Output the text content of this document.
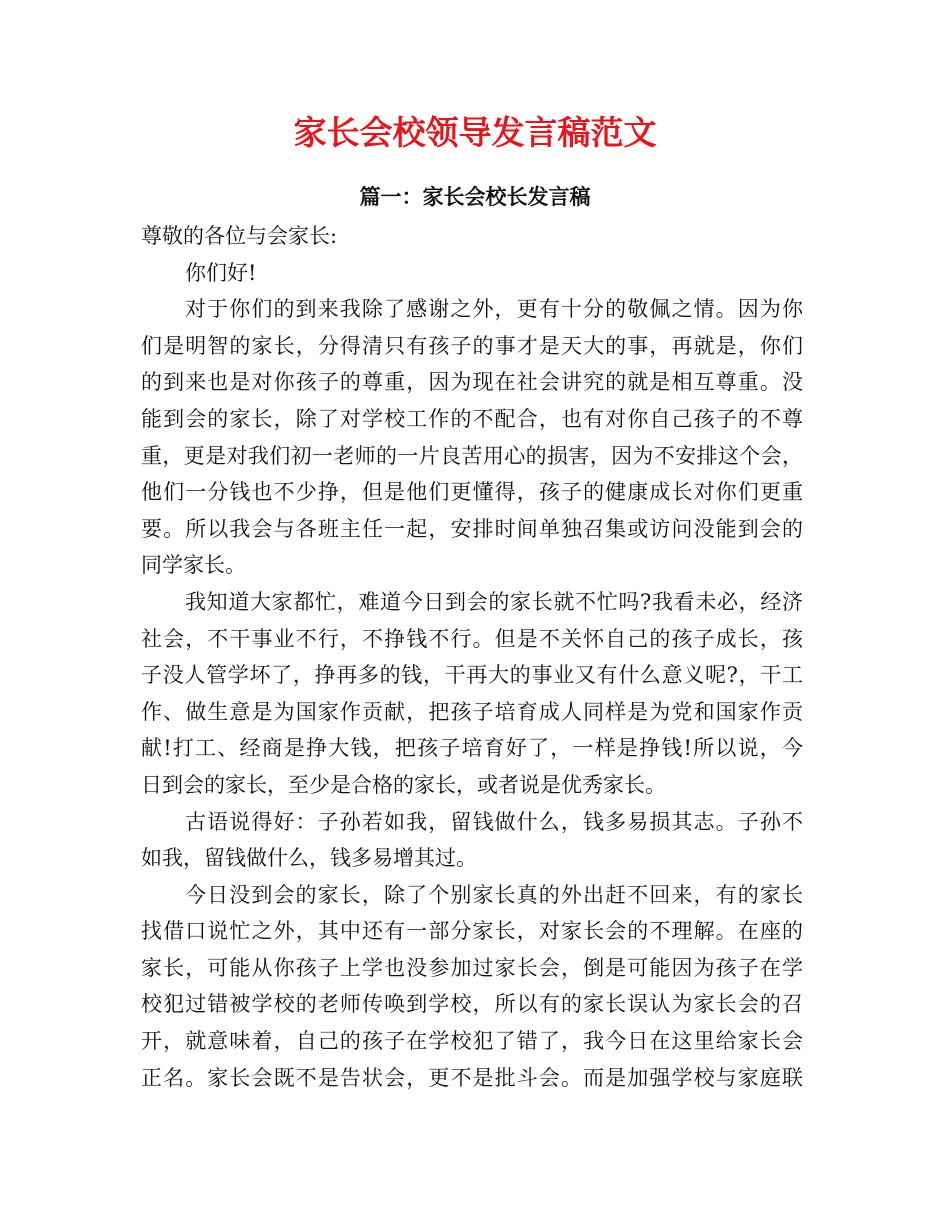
家长会校领导发言稿范文
篇一：家长会校长发言稿

尊敬的各位与会家长:

你们好!

对于你们的到来我除了感谢之外，更有十分的敬佩之情。因为你
们是明智的家长，分得清只有孩子的事才是天大的事，再就是，你们
的到来也是对你孩子的尊重，因为现在社会讲究的就是相互尊重。没
能到会的家长，除了对学校工作的不配合，也有对你自己孩子的不尊
重，更是对我们初一老师的一片良苦用心的损害，因为不安排这个会，
他们一分钱也不少挣，但是他们更懂得，孩子的健康成长对你们更重
要。所以我会与各班主任一起，安排时间单独召集或访问没能到会的
同学家长。

我知道大家都忙，难道今日到会的家长就不忙吗?我看未必，经济
社会，不干事业不行，不挣钱不行。但是不关怀自己的孩子成长，孩
子没人管学坏了，挣再多的钱，干再大的事业又有什么意义呢?，干工
作、做生意是为国家作贡献，把孩子培育成人同样是为党和国家作贡
献!打工、经商是挣大钱，把孩子培育好了，一样是挣钱!所以说，今
日到会的家长，至少是合格的家长，或者说是优秀家长。

古语说得好：子孙若如我，留钱做什么，钱多易损其志。子孙不
如我，留钱做什么，钱多易增其过。

今日没到会的家长，除了个别家长真的外出赶不回来，有的家长
找借口说忙之外，其中还有一部分家长，对家长会的不理解。在座的
家长，可能从你孩子上学也没参加过家长会，倒是可能因为孩子在学
校犯过错被学校的老师传唤到学校，所以有的家长误认为家长会的召
开，就意味着，自己的孩子在学校犯了错了，我今日在这里给家长会
正名。家长会既不是告状会，更不是批斗会。而是加强学校与家庭联
